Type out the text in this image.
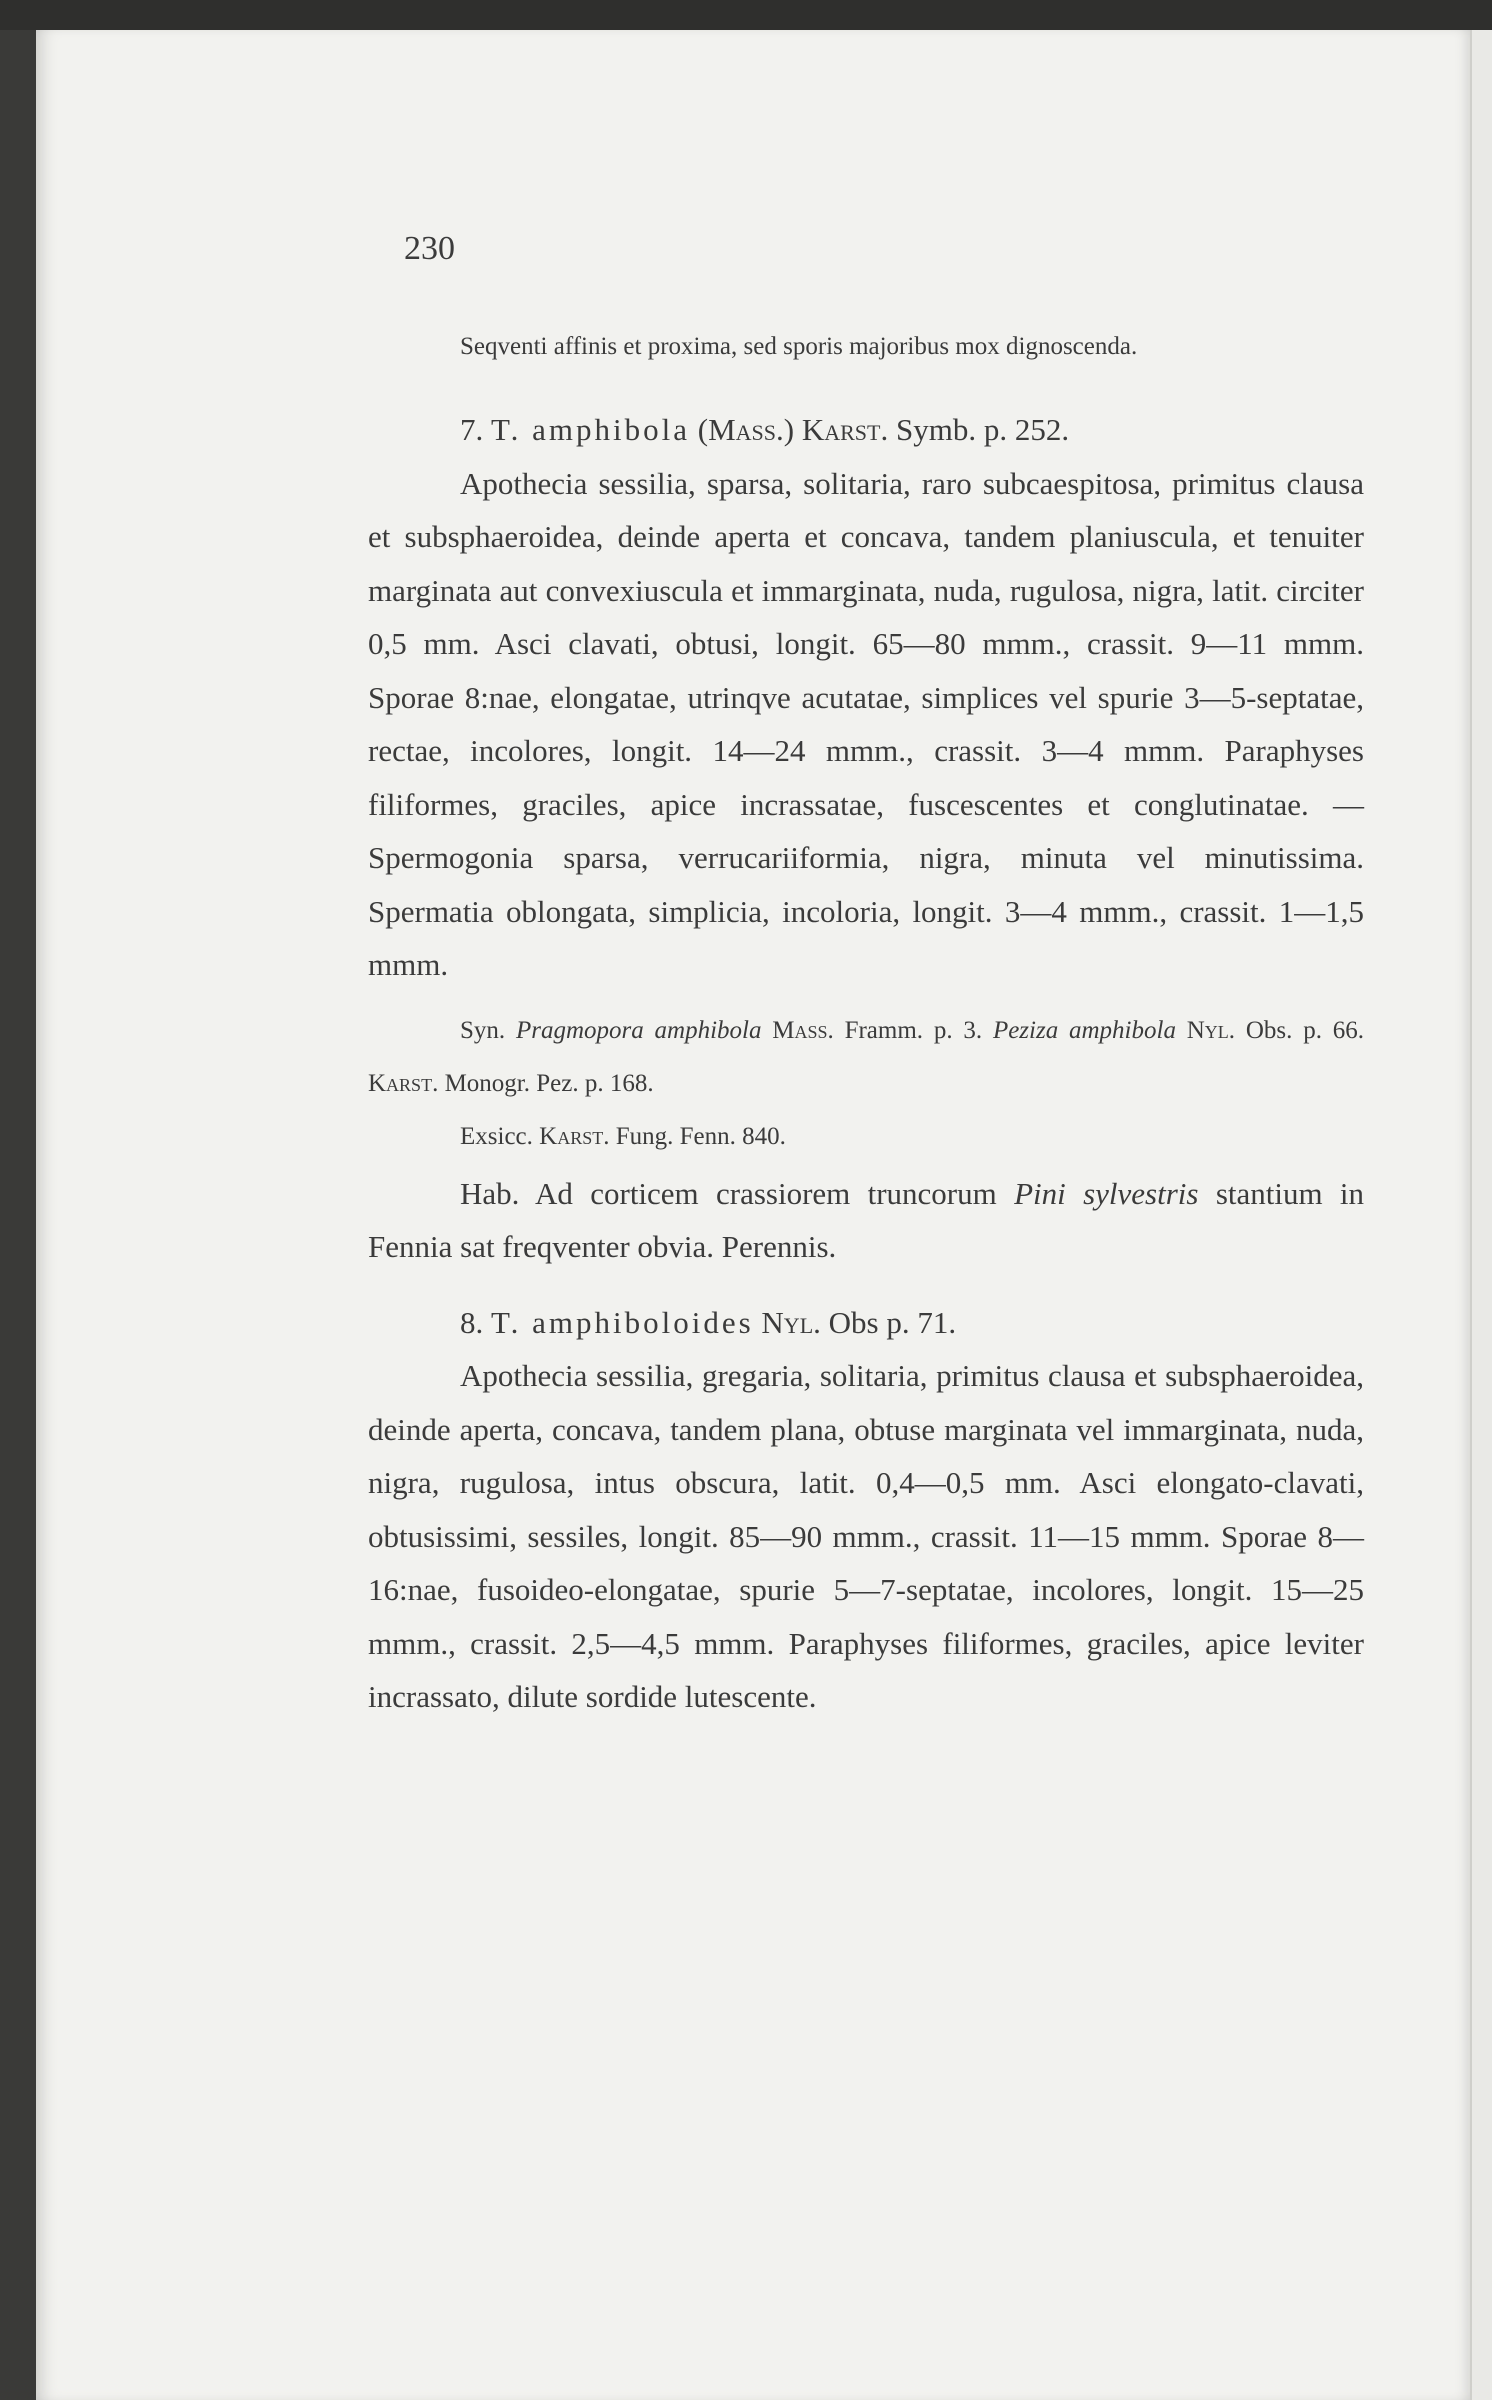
230

Seqventi affinis et proxima, sed sporis majoribus mox dignoscenda.

7. T. amphibola (Mass.) Karst. Symb. p. 252.

Apothecia sessilia, sparsa, solitaria, raro subcaespitosa, primitus clausa et subsphaeroidea, deinde aperta et concava, tandem planiuscula, et tenuiter marginata aut convexiuscula et immarginata, nuda, rugulosa, nigra, latit. circiter 0,5 mm. Asci clavati, obtusi, longit. 65—80 mmm., crassit. 9—11 mmm. Sporae 8:nae, elongatae, utrinqve acutatae, simplices vel spurie 3—5-septatae, rectae, incolores, longit. 14—24 mmm., crassit. 3—4 mmm. Paraphyses filiformes, graciles, apice incrassatae, fuscescentes et conglutinatae. — Spermogonia sparsa, verrucariiformia, nigra, minuta vel minutissima. Spermatia oblongata, simplicia, incoloria, longit. 3—4 mmm., crassit. 1—1,5 mmm.

Syn. Pragmopora amphibola Mass. Framm. p. 3. Peziza amphibola Nyl. Obs. p. 66. Karst. Monogr. Pez. p. 168.

Exsicc. Karst. Fung. Fenn. 840.

Hab. Ad corticem crassiorem truncorum Pini sylvestris stantium in Fennia sat freqventer obvia. Perennis.

8. T. amphiboloides Nyl. Obs p. 71.

Apothecia sessilia, gregaria, solitaria, primitus clausa et subsphaeroidea, deinde aperta, concava, tandem plana, obtuse marginata vel immarginata, nuda, nigra, rugulosa, intus obscura, latit. 0,4—0,5 mm. Asci elongato-clavati, obtusissimi, sessiles, longit. 85—90 mmm., crassit. 11—15 mmm. Sporae 8—16:nae, fusoideo-elongatae, spurie 5—7-septatae, incolores, longit. 15—25 mmm., crassit. 2,5—4,5 mmm. Paraphyses filiformes, graciles, apice leviter incrassato, dilute sordide lutescente.
